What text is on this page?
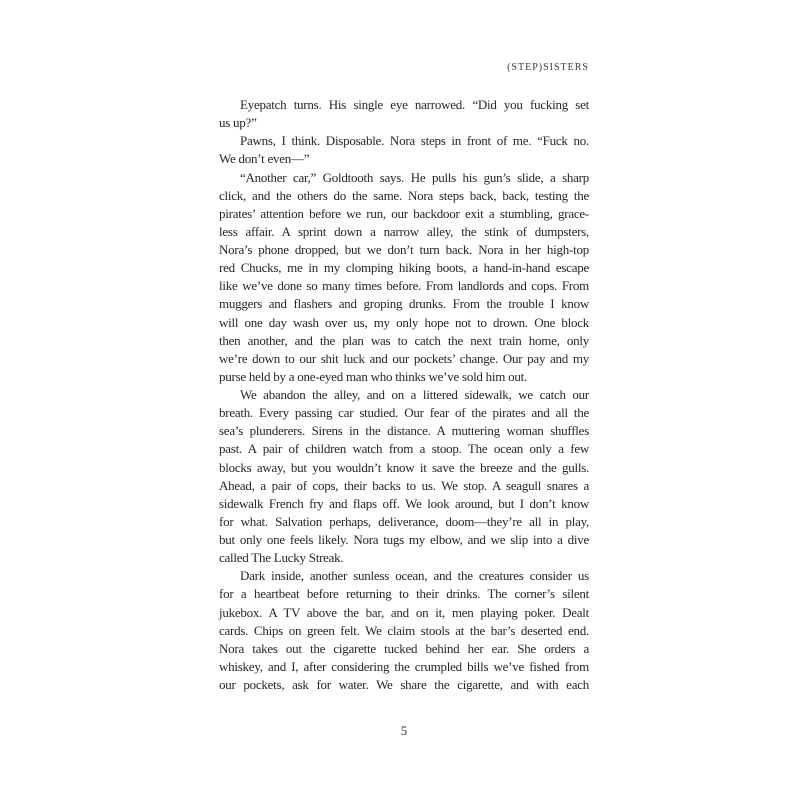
(STEP)SISTERS
Eyepatch turns. His single eye narrowed. “Did you fucking set
us up?”
Pawns, I think. Disposable. Nora steps in front of me. “Fuck no.
We don’t even—”
“Another car,” Goldtooth says. He pulls his gun’s slide, a sharp
click, and the others do the same. Nora steps back, back, testing the
pirates’ attention before we run, our backdoor exit a stumbling, grace-
less affair. A sprint down a narrow alley, the stink of dumpsters,
Nora’s phone dropped, but we don’t turn back. Nora in her high-top
red Chucks, me in my clomping hiking boots, a hand-in-hand escape
like we’ve done so many times before. From landlords and cops. From
muggers and flashers and groping drunks. From the trouble I know
will one day wash over us, my only hope not to drown. One block
then another, and the plan was to catch the next train home, only
we’re down to our shit luck and our pockets’ change. Our pay and my
purse held by a one-eyed man who thinks we’ve sold him out.
We abandon the alley, and on a littered sidewalk, we catch our
breath. Every passing car studied. Our fear of the pirates and all the
sea’s plunderers. Sirens in the distance. A muttering woman shuffles
past. A pair of children watch from a stoop. The ocean only a few
blocks away, but you wouldn’t know it save the breeze and the gulls.
Ahead, a pair of cops, their backs to us. We stop. A seagull snares a
sidewalk French fry and flaps off. We look around, but I don’t know
for what. Salvation perhaps, deliverance, doom—they’re all in play,
but only one feels likely. Nora tugs my elbow, and we slip into a dive
called The Lucky Streak.
Dark inside, another sunless ocean, and the creatures consider us
for a heartbeat before returning to their drinks. The corner’s silent
jukebox. A TV above the bar, and on it, men playing poker. Dealt
cards. Chips on green felt. We claim stools at the bar’s deserted end.
Nora takes out the cigarette tucked behind her ear. She orders a
whiskey, and I, after considering the crumpled bills we’ve fished from
our pockets, ask for water. We share the cigarette, and with each
5
